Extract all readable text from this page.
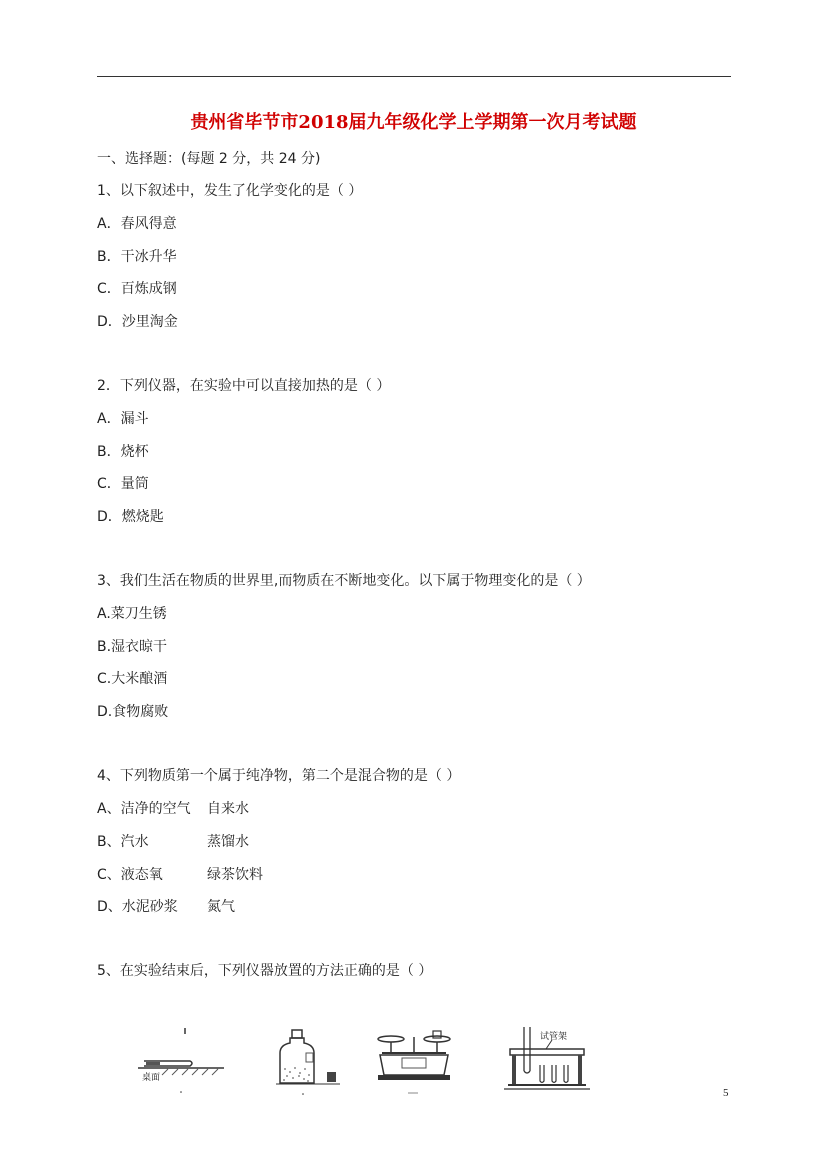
贵州省毕节市2018届九年级化学上学期第一次月考试题
一、选择题：(每题 2 分，共 24 分)
1、以下叙述中，发生了化学变化的是（ ）
A．春风得意
B．干冰升华
C．百炼成钢
D．沙里淘金
2．下列仪器，在实验中可以直接加热的是（ ）
A．漏斗
B．烧杯
C．量筒
D．燃烧匙
3、我们生活在物质的世界里,而物质在不断地变化。以下属于物理变化的是（ ）
A.菜刀生锈
B.湿衣晾干
C.大米酿酒
D.食物腐败
4、下列物质第一个属于纯净物，第二个是混合物的是（ ）
A、洁净的空气 自来水
B、汽水	蒸馏水
C、液态氧	绿茶饮料
D、水泥砂浆 氮气
5、在实验结束后，下列仪器放置的方法正确的是（ ）
桌面
试管架
5
